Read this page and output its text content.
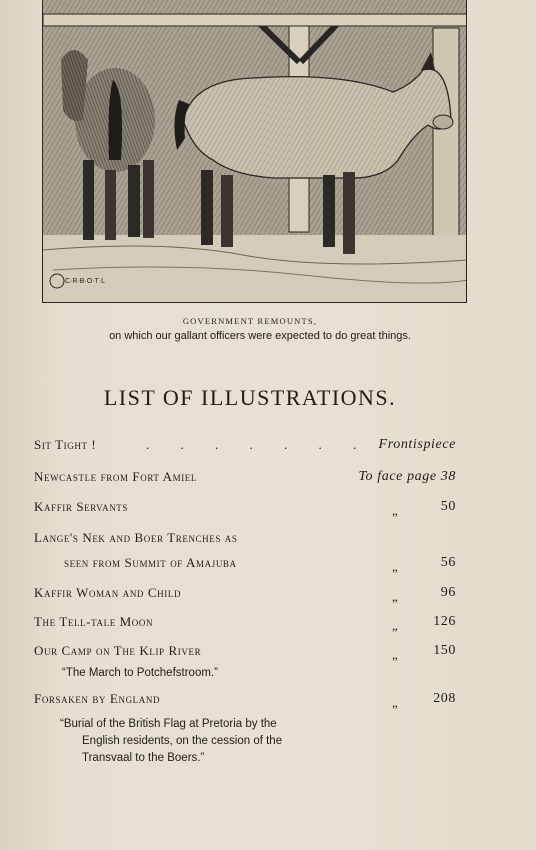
C·R·B·O·T·L
GOVERNMENT REMOUNTS,
on which our gallant officers were expected to do great things.
LIST OF ILLUSTRATIONS.
Sit Tight !	. . . . . . . Frontispiece
Newcastle from Fort Amiel	To face page 38
Kaffir Servants	„	50
Lange's Nek and Boer Trenches as
seen from Summit of Amajuba	„	56
Kaffir Woman and Child	„	96
The Tell-tale Moon	„ 126
Our Camp on The Klip River	„ 150
“The March to Potchefstroom.”
Forsaken by England	„ 208
“Burial of the British Flag at Pretoria by the
English residents, on the cession of the
Transvaal to the Boers.”
